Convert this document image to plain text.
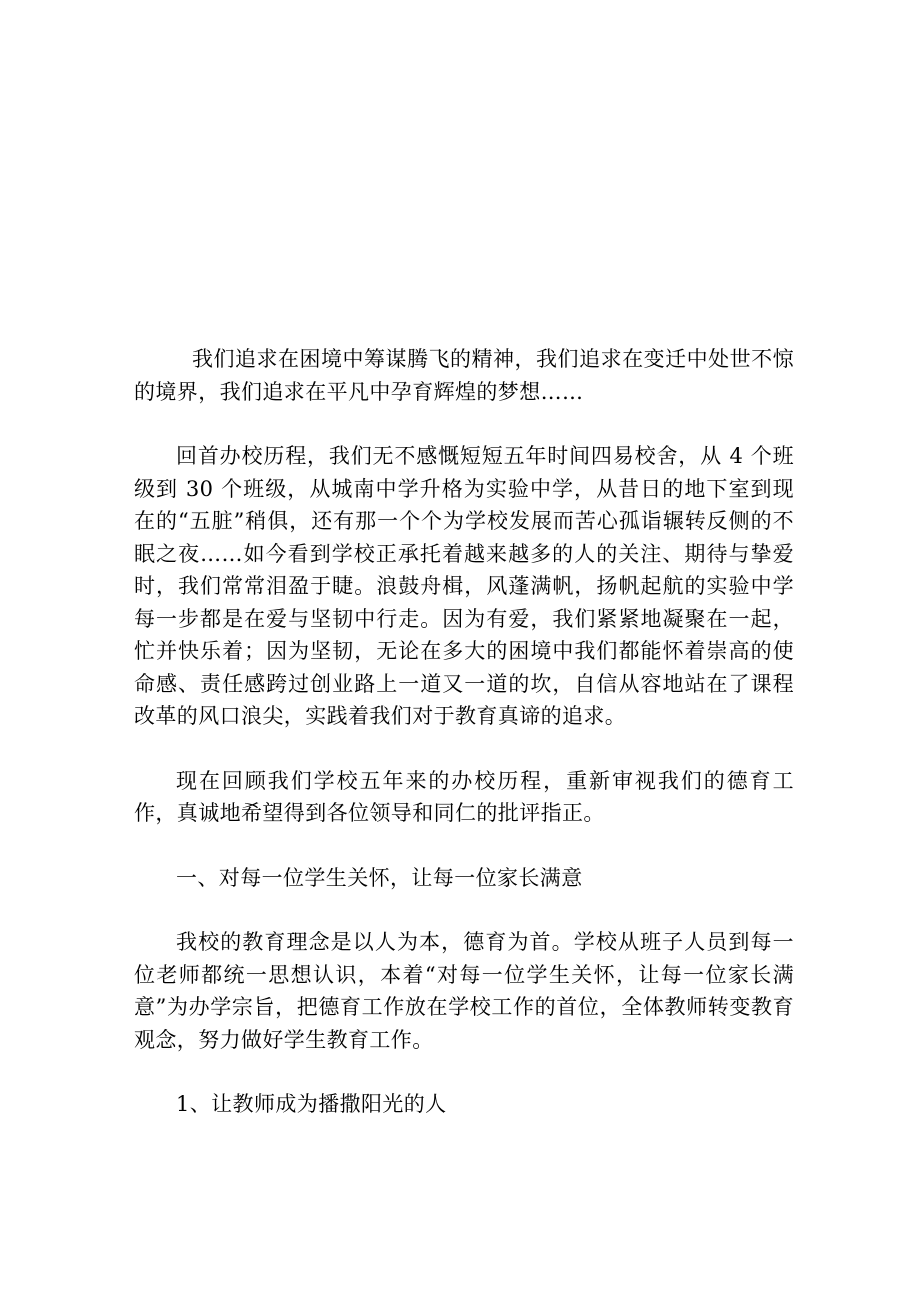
我们追求在困境中筹谋腾飞的精神，我们追求在变迁中处世不惊的境界，我们追求在平凡中孕育辉煌的梦想……

回首办校历程，我们无不感慨短短五年时间四易校舍，从 4 个班级到 30 个班级，从城南中学升格为实验中学，从昔日的地下室到现在的“五脏”稍俱，还有那一个个为学校发展而苦心孤诣辗转反侧的不眠之夜……如今看到学校正承托着越来越多的人的关注、期待与挚爱时，我们常常泪盈于睫。浪鼓舟楫，风蓬满帆，扬帆起航的实验中学每一步都是在爱与坚韧中行走。因为有爱，我们紧紧地凝聚在一起，忙并快乐着；因为坚韧，无论在多大的困境中我们都能怀着崇高的使命感、责任感跨过创业路上一道又一道的坎，自信从容地站在了课程改革的风口浪尖，实践着我们对于教育真谛的追求。

现在回顾我们学校五年来的办校历程，重新审视我们的德育工作，真诚地希望得到各位领导和同仁的批评指正。

一、对每一位学生关怀，让每一位家长满意

我校的教育理念是以人为本，德育为首。学校从班子人员到每一位老师都统一思想认识，本着“对每一位学生关怀，让每一位家长满意”为办学宗旨，把德育工作放在学校工作的首位，全体教师转变教育观念，努力做好学生教育工作。

1、让教师成为播撒阳光的人
